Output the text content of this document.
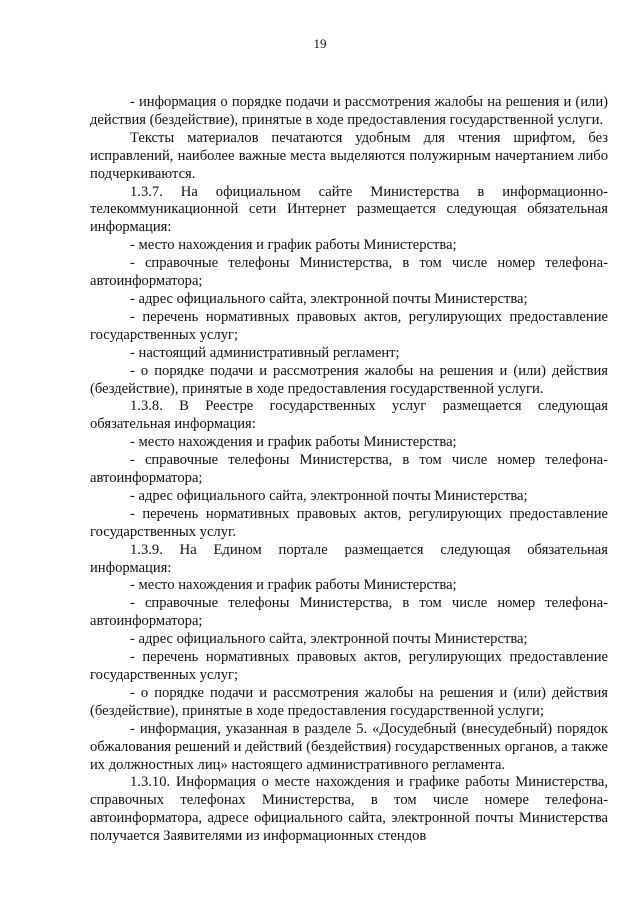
19

- информация о порядке подачи и рассмотрения жалобы на решения и (или) действия (бездействие), принятые в ходе предоставления государственной услуги.

Тексты материалов печатаются удобным для чтения шрифтом, без исправлений, наиболее важные места выделяются полужирным начертанием либо подчеркиваются.

1.3.7. На официальном сайте Министерства в информационно-телекоммуникационной сети Интернет размещается следующая обязательная информация:

- место нахождения и график работы Министерства;

- справочные телефоны Министерства, в том числе номер телефона-автоинформатора;

- адрес официального сайта, электронной почты Министерства;

- перечень нормативных правовых актов, регулирующих предоставление государственных услуг;

- настоящий административный регламент;

- о порядке подачи и рассмотрения жалобы на решения и (или) действия (бездействие), принятые в ходе предоставления государственной услуги.

1.3.8. В Реестре государственных услуг размещается следующая обязательная информация:

- место нахождения и график работы Министерства;

- справочные телефоны Министерства, в том числе номер телефона-автоинформатора;

- адрес официального сайта, электронной почты Министерства;

- перечень нормативных правовых актов, регулирующих предоставление государственных услуг.

1.3.9. На Едином портале размещается следующая обязательная информация:

- место нахождения и график работы Министерства;

- справочные телефоны Министерства, в том числе номер телефона-автоинформатора;

- адрес официального сайта, электронной почты Министерства;

- перечень нормативных правовых актов, регулирующих предоставление государственных услуг;

- о порядке подачи и рассмотрения жалобы на решения и (или) действия (бездействие), принятые в ходе предоставления государственной услуги;

- информация, указанная в разделе 5. «Досудебный (внесудебный) порядок обжалования решений и действий (бездействия) государственных органов, а также их должностных лиц» настоящего административного регламента.

1.3.10. Информация о месте нахождения и графике работы Министерства, справочных телефонах Министерства, в том числе номере телефона-автоинформатора, адресе официального сайта, электронной почты Министерства получается Заявителями из информационных стендов
